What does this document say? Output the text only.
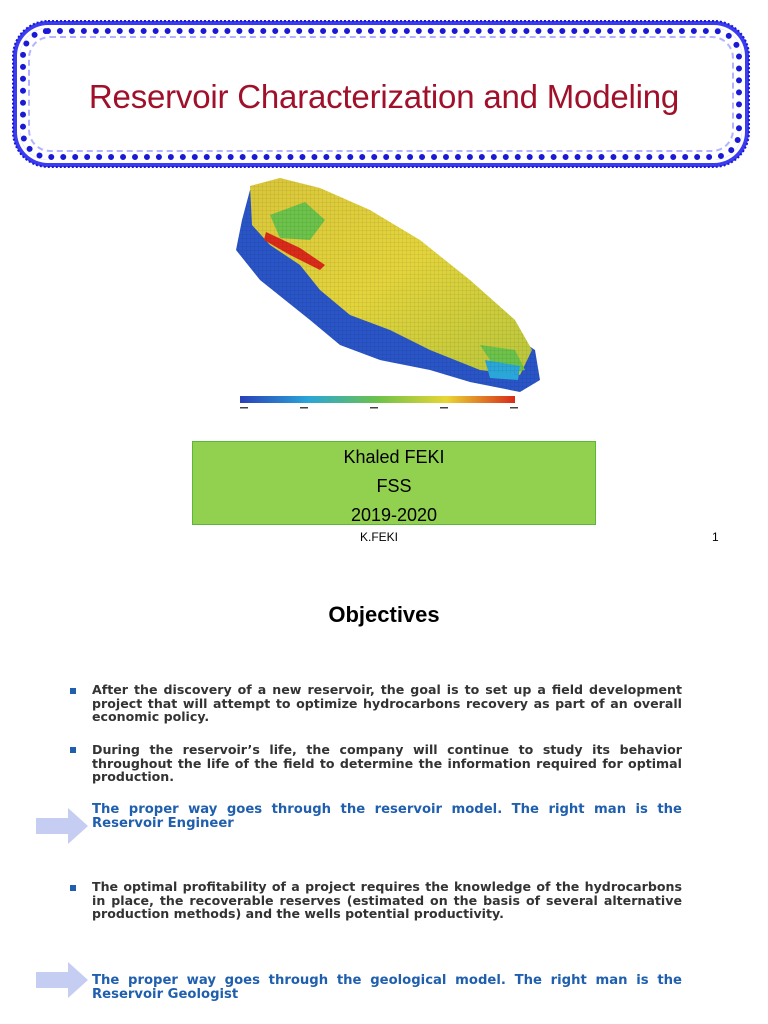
Reservoir Characterization and Modeling
Khaled FEKI
FSS
2019-2020
K.FEKI	1
Objectives
After the discovery of a new reservoir, the goal is to set up a field development project that will attempt to optimize hydrocarbons recovery as part of an overall economic policy.
During the reservoir’s life, the company will continue to study its behavior throughout the life of the field to determine the information required for optimal production.
The proper way goes through the reservoir model. The right man is the Reservoir Engineer
The optimal profitability of a project requires the knowledge of the hydrocarbons in place, the recoverable reserves (estimated on the basis of several alternative production methods) and the wells potential productivity.
The proper way goes through the geological model. The right man is the Reservoir Geologist
